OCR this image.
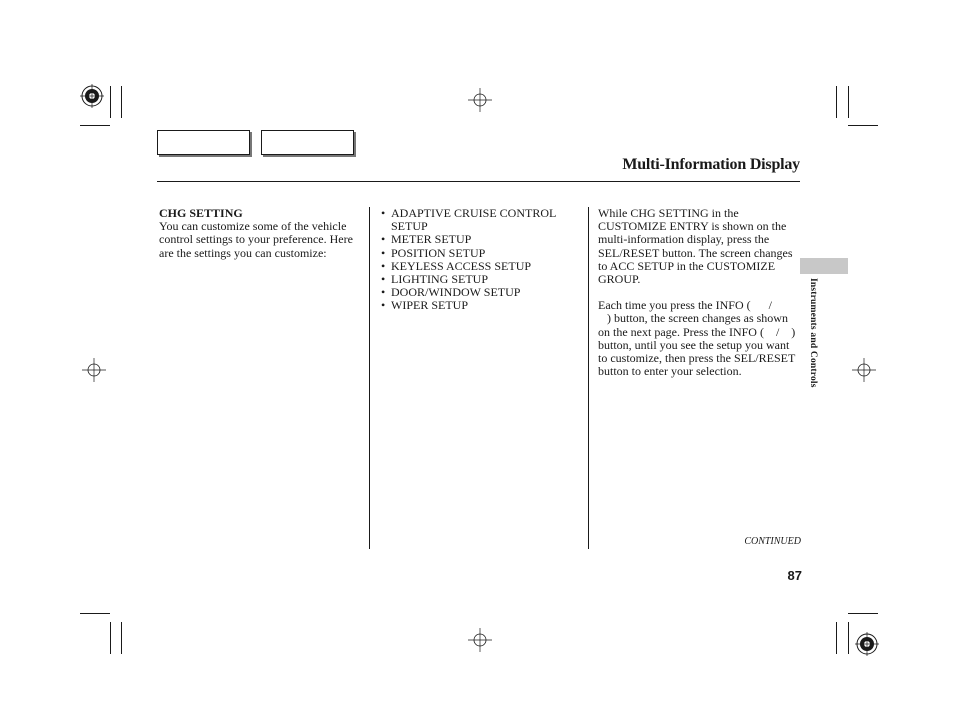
Multi-Information Display

CHG SETTING

You can customize some of the vehicle control settings to your preference. Here are the settings you can customize:

• ADAPTIVE CRUISE CONTROL SETUP
• METER SETUP
• POSITION SETUP
• KEYLESS ACCESS SETUP
• LIGHTING SETUP
• DOOR/WINDOW SETUP
• WIPER SETUP

While CHG SETTING in the CUSTOMIZE ENTRY is shown on the multi-information display, press the SEL/RESET button. The screen changes to ACC SETUP in the CUSTOMIZE GROUP.

Each time you press the INFO (      /
) button, the screen changes as shown on the next page. Press the INFO (    /    ) button, until you see the setup you want to customize, then press the SEL/RESET button to enter your selection.	Instruments and Controls
CONTINUED
87
